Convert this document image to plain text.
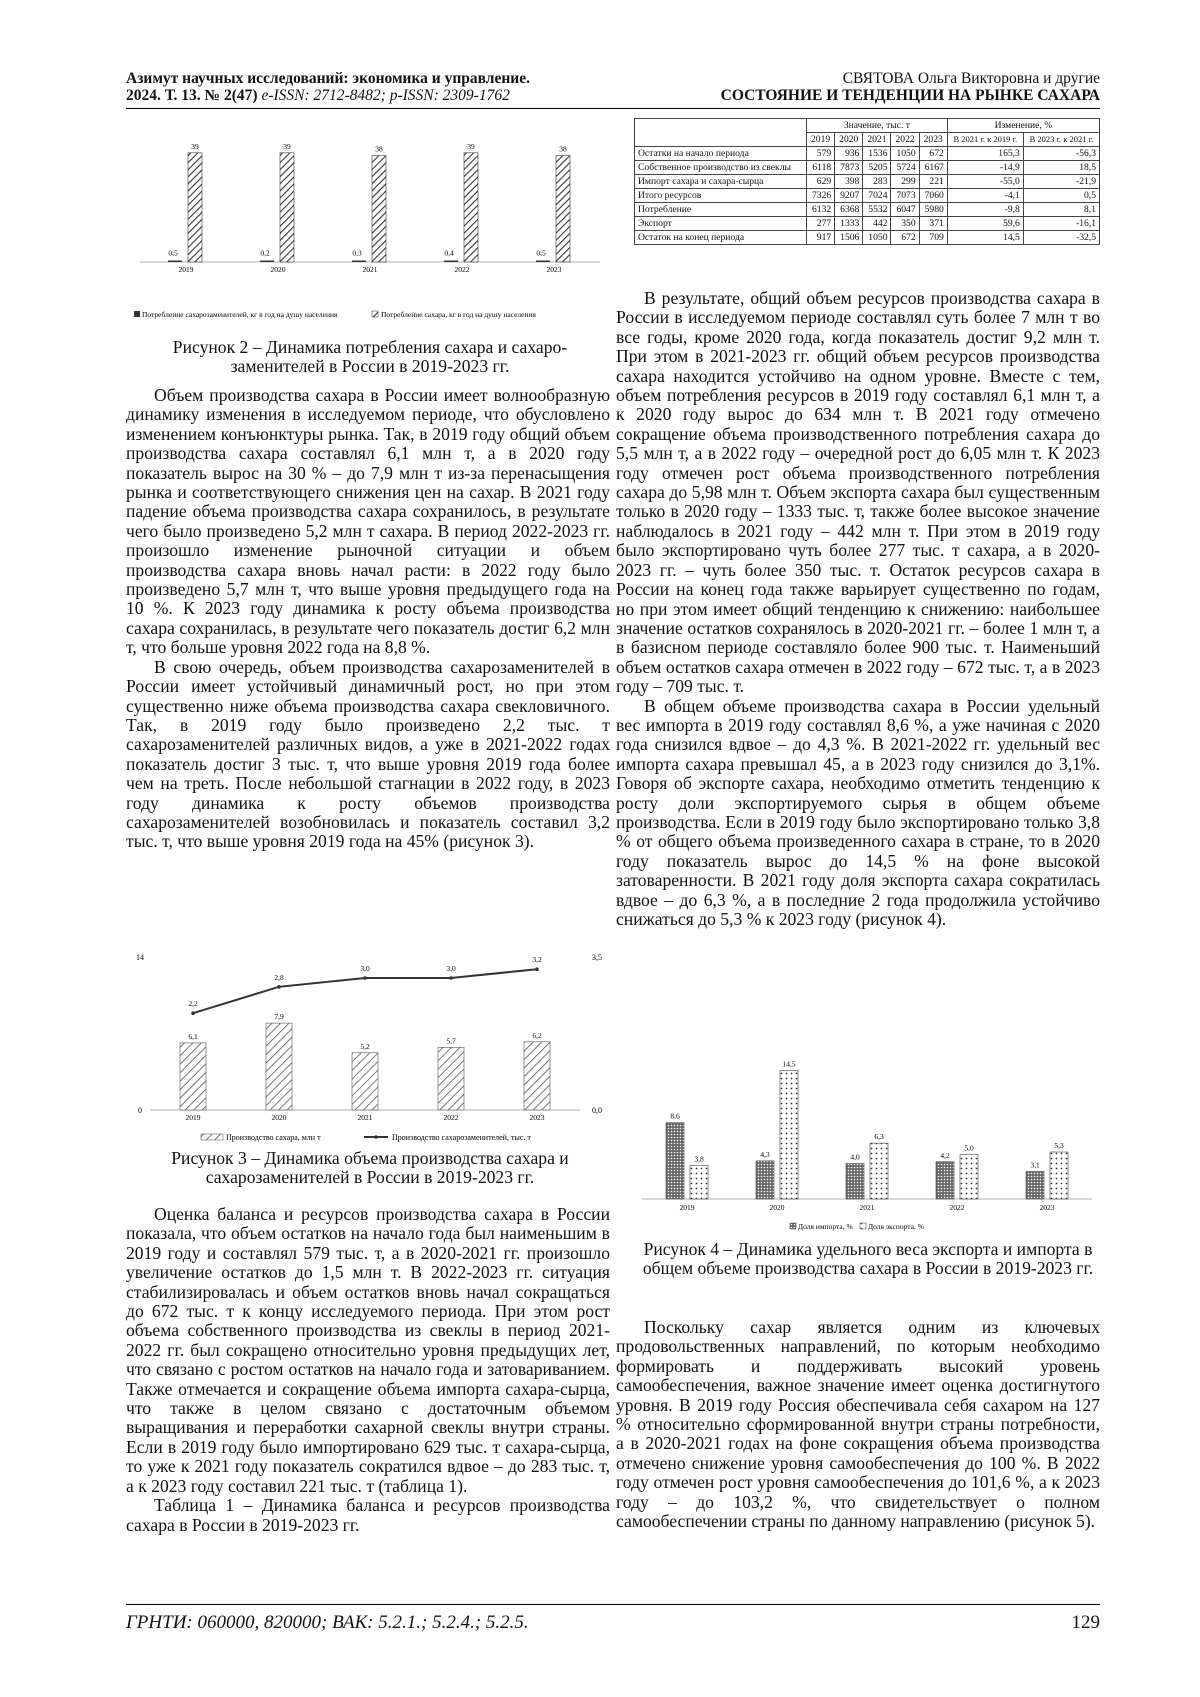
Азимут научных исследований: экономика и управление.
2024. Т. 13. № 2(47) e-ISSN: 2712-8482; p-ISSN: 2309-1762
СВЯТОВА Ольга Викторовна и другие
СОСТОЯНИЕ И ТЕНДЕНЦИИ НА РЫНКЕ САХАРА
0,5
39
2019
0,2
39
2020
0,3
38
2021
0,4
39
2022
0,5
38
2023
Потребление сахарозаменителей, кг в год на душу населения	Потребление сахара, кг в год на душу населения
Рисунок 2 – Динамика потребления сахара и сахарозаменителей в России в 2019-2023 гг.

Объем производства сахара в России имеет волнообразную динамику изменения в исследуемом периоде, что обусловлено изменением конъюнктуры рынка. Так, в 2019 году общий объем производства сахара составлял 6,1 млн т, а в 2020 году показатель вырос на 30 % – до 7,9 млн т из-за перенасыщения рынка и соответствующего снижения цен на сахар. В 2021 году падение объема производства сахара сохранилось, в результате чего было произведено 5,2 млн т сахара. В период 2022-2023 гг. произошло изменение рыночной ситуации и объем производства сахара вновь начал расти: в 2022 году было произведено 5,7 млн т, что выше уровня предыдущего года на 10 %. К 2023 году динамика к росту объема производства сахара сохранилась, в результате чего показатель достиг 6,2 млн т, что больше уровня 2022 года на 8,8 %.

В свою очередь, объем производства сахарозаменителей в России имеет устойчивый динамичный рост, но при этом существенно ниже объема производства сахара свекловичного. Так, в 2019 году было произведено 2,2 тыс. т сахарозаменителей различных видов, а уже в 2021-2022 годах показатель достиг 3 тыс. т, что выше уровня 2019 года более чем на треть. После небольшой стагнации в 2022 году, в 2023 году динамика к росту объемов производства сахарозаменителей возобновилась и показатель составил 3,2 тыс. т, что выше уровня 2019 года на 45% (рисунок 3).

6,1
2019
7,9
2020
5,2
2021
5,7
2022
6,2
2023
2,2
2,8
3,0	3,0
3,2
14
0
3,5
0,0
Производство сахара, млн т	Производство сахарозаменителей, тыс. т
Рисунок 3 – Динамика объема производства сахара и сахарозаменителей в России в 2019-2023 гг.

Оценка баланса и ресурсов производства сахара в России показала, что объем остатков на начало года был наименьшим в 2019 году и составлял 579 тыс. т, а в 2020-2021 гг. произошло увеличение остатков до 1,5 млн т. В 2022-2023 гг. ситуация стабилизировалась и объем остатков вновь начал сокращаться до 672 тыс. т к концу исследуемого периода. При этом рост объема собственного производства из свеклы в период 2021-2022 гг. был сокращено относительно уровня предыдущих лет, что связано с ростом остатков на начало года и затовариванием. Также отмечается и сокращение объема импорта сахара-сырца, что также в целом связано с достаточным объемом выращивания и переработки сахарной свеклы внутри страны. Если в 2019 году было импортировано 629 тыс. т сахара-сырца, то уже к 2021 году показатель сократился вдвое – до 283 тыс. т, а к 2023 году составил 221 тыс. т (таблица 1).

Таблица 1 – Динамика баланса и ресурсов производства сахара в России в 2019-2023 гг.

	Значение, тыс. т					Изменение, %	
	2019	2020	2021	2022	2023	В 2021 г. к 2019 г.	В 2023 г. к 2021 г.
Остатки на начало периода	579	936	1536	1050	672	165,3	-56,3
Собственное производство из свеклы	6118	7873	5205	5724	6167	-14,9	18,5
Импорт сахара и сахара-сырца	629	398	283	299	221	-55,0	-21,9
Итого ресурсов	7326	9207	7024	7073	7060	-4,1	0,5
Потребление	6132	6368	5532	6047	5980	-9,8	8,1
Экспорт	277	1333	442	350	371	59,6	-16,1
Остаток на конец периода	917	1506	1050	672	709	14,5	-32,5

В результате, общий объем ресурсов производства сахара в России в исследуемом периоде составлял суть более 7 млн т во все годы, кроме 2020 года, когда показатель достиг 9,2 млн т. При этом в 2021-2023 гг. общий объем ресурсов производства сахара находится устойчиво на одном уровне. Вместе с тем, объем потребления ресурсов в 2019 году составлял 6,1 млн т, а к 2020 году вырос до 634 млн т. В 2021 году отмечено сокращение объема производственного потребления сахара до 5,5 млн т, а в 2022 году – очередной рост до 6,05 млн т. К 2023 году отмечен рост объема производственного потребления сахара до 5,98 млн т. Объем экспорта сахара был существенным только в 2020 году – 1333 тыс. т, также более высокое значение наблюдалось в 2021 году – 442 млн т. При этом в 2019 году было экспортировано чуть более 277 тыс. т сахара, а в 2020-2023 гг. – чуть более 350 тыс. т. Остаток ресурсов сахара в России на конец года также варьирует существенно по годам, но при этом имеет общий тенденцию к снижению: наибольшее значение остатков сохранялось в 2020-2021 гг. – более 1 млн т, а в базисном периоде составляло более 900 тыс. т. Наименьший объем остатков сахара отмечен в 2022 году – 672 тыс. т, а в 2023 году – 709 тыс. т.

В общем объеме производства сахара в России удельный вес импорта в 2019 году составлял 8,6 %, а уже начиная с 2020 года снизился вдвое – до 4,3 %. В 2021-2022 гг. удельный вес импорта сахара превышал 45, а в 2023 году снизился до 3,1%. Говоря об экспорте сахара, необходимо отметить тенденцию к росту доли экспортируемого сырья в общем объеме производства. Если в 2019 году было экспортировано только 3,8 % от общего объема произведенного сахара в стране, то в 2020 году показатель вырос до 14,5 % на фоне высокой затоваренности. В 2021 году доля экспорта сахара сократилась вдвое – до 6,3 %, а в последние 2 года продолжила устойчиво снижаться до 5,3 % к 2023 году (рисунок 4).

8,6
3,8
2019
4,3
14,5
2020
4,0
6,3
2021
4,2
5,0
2022
3,1
5,3
2023
Доля импорта, % Доля экспорта, %
Рисунок 4 – Динамика удельного веса экспорта и импорта в общем объеме производства сахара в России в 2019-2023 гг.

Поскольку сахар является одним из ключевых продовольственных направлений, по которым необходимо формировать и поддерживать высокий уровень самообеспечения, важное значение имеет оценка достигнутого уровня. В 2019 году Россия обеспечивала себя сахаром на 127 % относительно сформированной внутри страны потребности, а в 2020-2021 годах на фоне сокращения объема производства отмечено снижение уровня самообеспечения до 100 %. В 2022 году отмечен рост уровня самообеспечения до 101,6 %, а к 2023 году – до 103,2 %, что свидетельствует о полном самообеспечении страны по данному направлению (рисунок 5).

ГРНТИ: 060000, 820000; ВАК: 5.2.1.; 5.2.4.; 5.2.5.	129
